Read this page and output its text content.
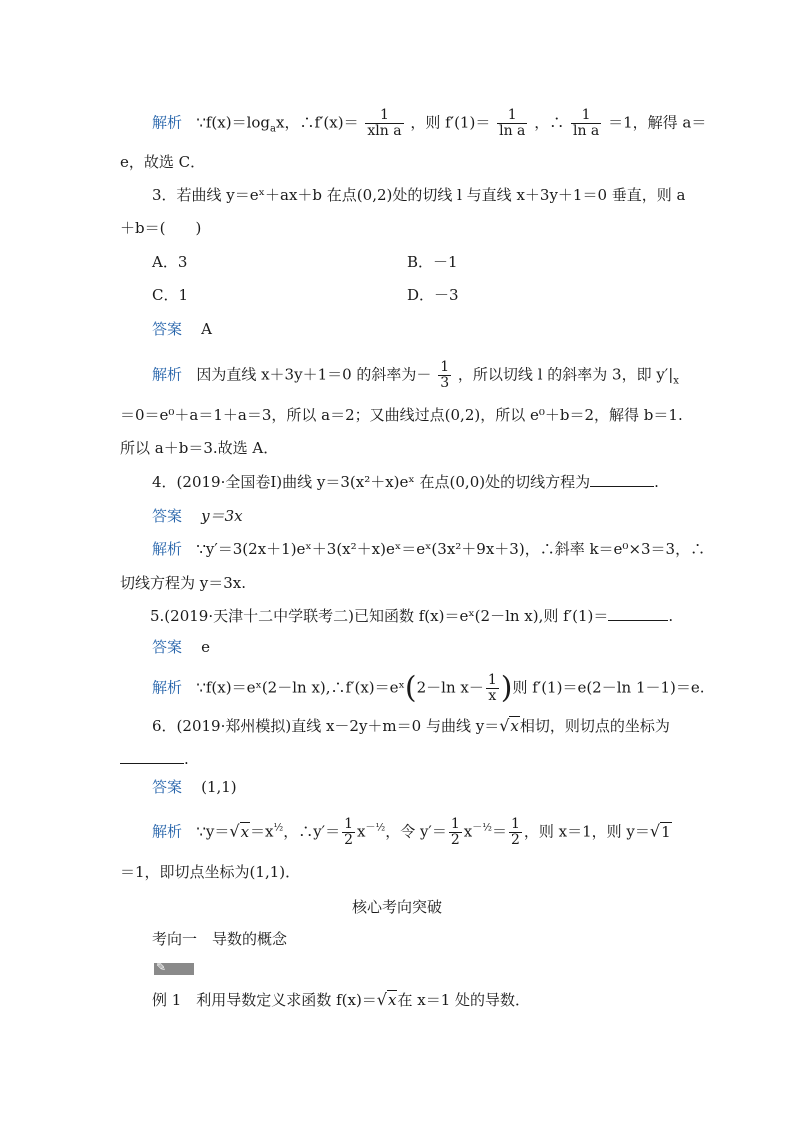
解析 $\because f(x)=\log_ax$，∴f′(x)＝ $\frac{1}{\text{xln a}}$ ，则 $f'(1)= \frac{1}{\text{ln a}}$ ，∴ $\frac{1}{\text{ln a}} =1$，解得 a＝
e，故选 C．
3．若曲线 y＝eˣ＋ax＋b 在点(0,2)处的切线 l 与直线 x＋3y＋1＝0 垂直，则 a
＋b＝(　　)
A．3	B．－1
C．1	D．－3
答案 A
解析 因为直线 x＋3y＋1＝0 的斜率为－ $\frac{1}{3}$ ，所以切线 l 的斜率为 3，即 $y'|_x$
＝0＝e⁰＋a＝1＋a＝3，所以 a＝2；又曲线过点(0,2)，所以 e⁰＋b＝2，解得 b＝1.
所以 a＋b＝3.故选 A．
4．(2019·全国卷Ⅰ)曲线 y＝3(x²＋x)eˣ 在点(0,0)处的切线方程为	.
答案 y＝3x
解析 ∵y′＝3(2x＋1)eˣ＋3(x²＋x)eˣ＝eˣ(3x²＋9x＋3)，∴斜率 k＝e⁰×3＝3，∴
切线方程为 y＝3x.
5.(2019·天津十二中学联考二)已知函数 f(x)＝eˣ(2－ln x),则 f′(1)＝	.
答案 e
解析 ∵f(x)＝eˣ(2－ln x),∴f′(x)＝eˣ(2－ln $x- \frac{1}{x}$ )则 f′(1)＝e(2－ln 1－1)＝e.
6．(2019·郑州模拟)直线 x－2y＋m＝0 与曲线 y＝√x相切，则切点的坐标为
.
答案 (1,1)
解析 $\because y=√x=x^{\frac{1}{2}}$，∴y′＝ $\frac{1}{2} x^{-\frac{1}{2}}$，令 $y'= \frac{1}{2} x^{-\frac{1}{2}}= \frac{1}{2}$ ，则 x＝1，则 y＝√1
＝1，即切点坐标为(1,1)．
核心考向突破
考向一　导数的概念
✎
例 1　利用导数定义求函数 f(x)＝√x在 x＝1 处的导数．
